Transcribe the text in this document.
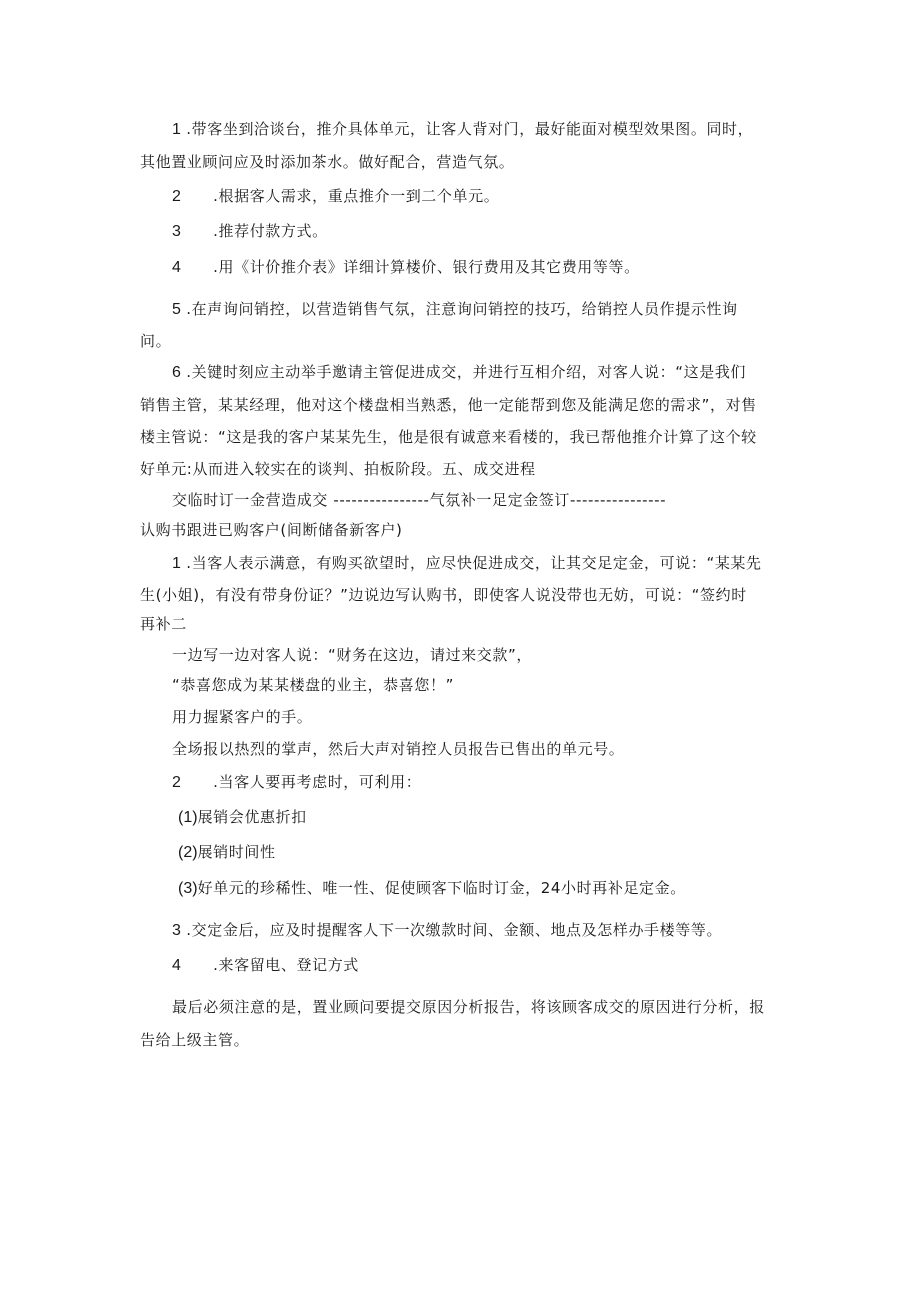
1 .带客坐到洽谈台，推介具体单元，让客人背对门，最好能面对模型效果图。同时，

其他置业顾问应及时添加茶水。做好配合，营造气氛。

2 .根据客人需求，重点推介一到二个单元。

3 .推荐付款方式。

4 .用《计价推介表》详细计算楼价、银行费用及其它费用等等。

5 .在声询问销控，以营造销售气氛，注意询问销控的技巧，给销控人员作提示性询

问。

6 .关键时刻应主动举手邀请主管促进成交，并进行互相介绍，对客人说：“这是我们

销售主管，某某经理，他对这个楼盘相当熟悉，他一定能帮到您及能满足您的需求”，对售

楼主管说：“这是我的客户某某先生，他是很有诚意来看楼的，我已帮他推介计算了这个较

好单元:从而进入较实在的谈判、拍板阶段。五、成交进程

交临时订一金营造成交 ----------------气氛补一足定金签订----------------

认购书跟进已购客户(间断储备新客户)

1 .当客人表示满意，有购买欲望时，应尽快促进成交，让其交足定金，可说：“某某先

生(小姐)，有没有带身份证？”边说边写认购书，即使客人说没带也无妨，可说：“签约时

再补二

一边写一边对客人说：“财务在这边，请过来交款”，

“恭喜您成为某某楼盘的业主，恭喜您！”

用力握紧客户的手。

全场报以热烈的掌声，然后大声对销控人员报告已售出的单元号。

2 .当客人要再考虑时，可利用：

(1)展销会优惠折扣

(2)展销时间性

(3)好单元的珍稀性、唯一性、促使顾客下临时订金，24小时再补足定金。

3 .交定金后，应及时提醒客人下一次缴款时间、金额、地点及怎样办手楼等等。

4 .来客留电、登记方式

最后必须注意的是，置业顾问要提交原因分析报告，将该顾客成交的原因进行分析，报

告给上级主管。
